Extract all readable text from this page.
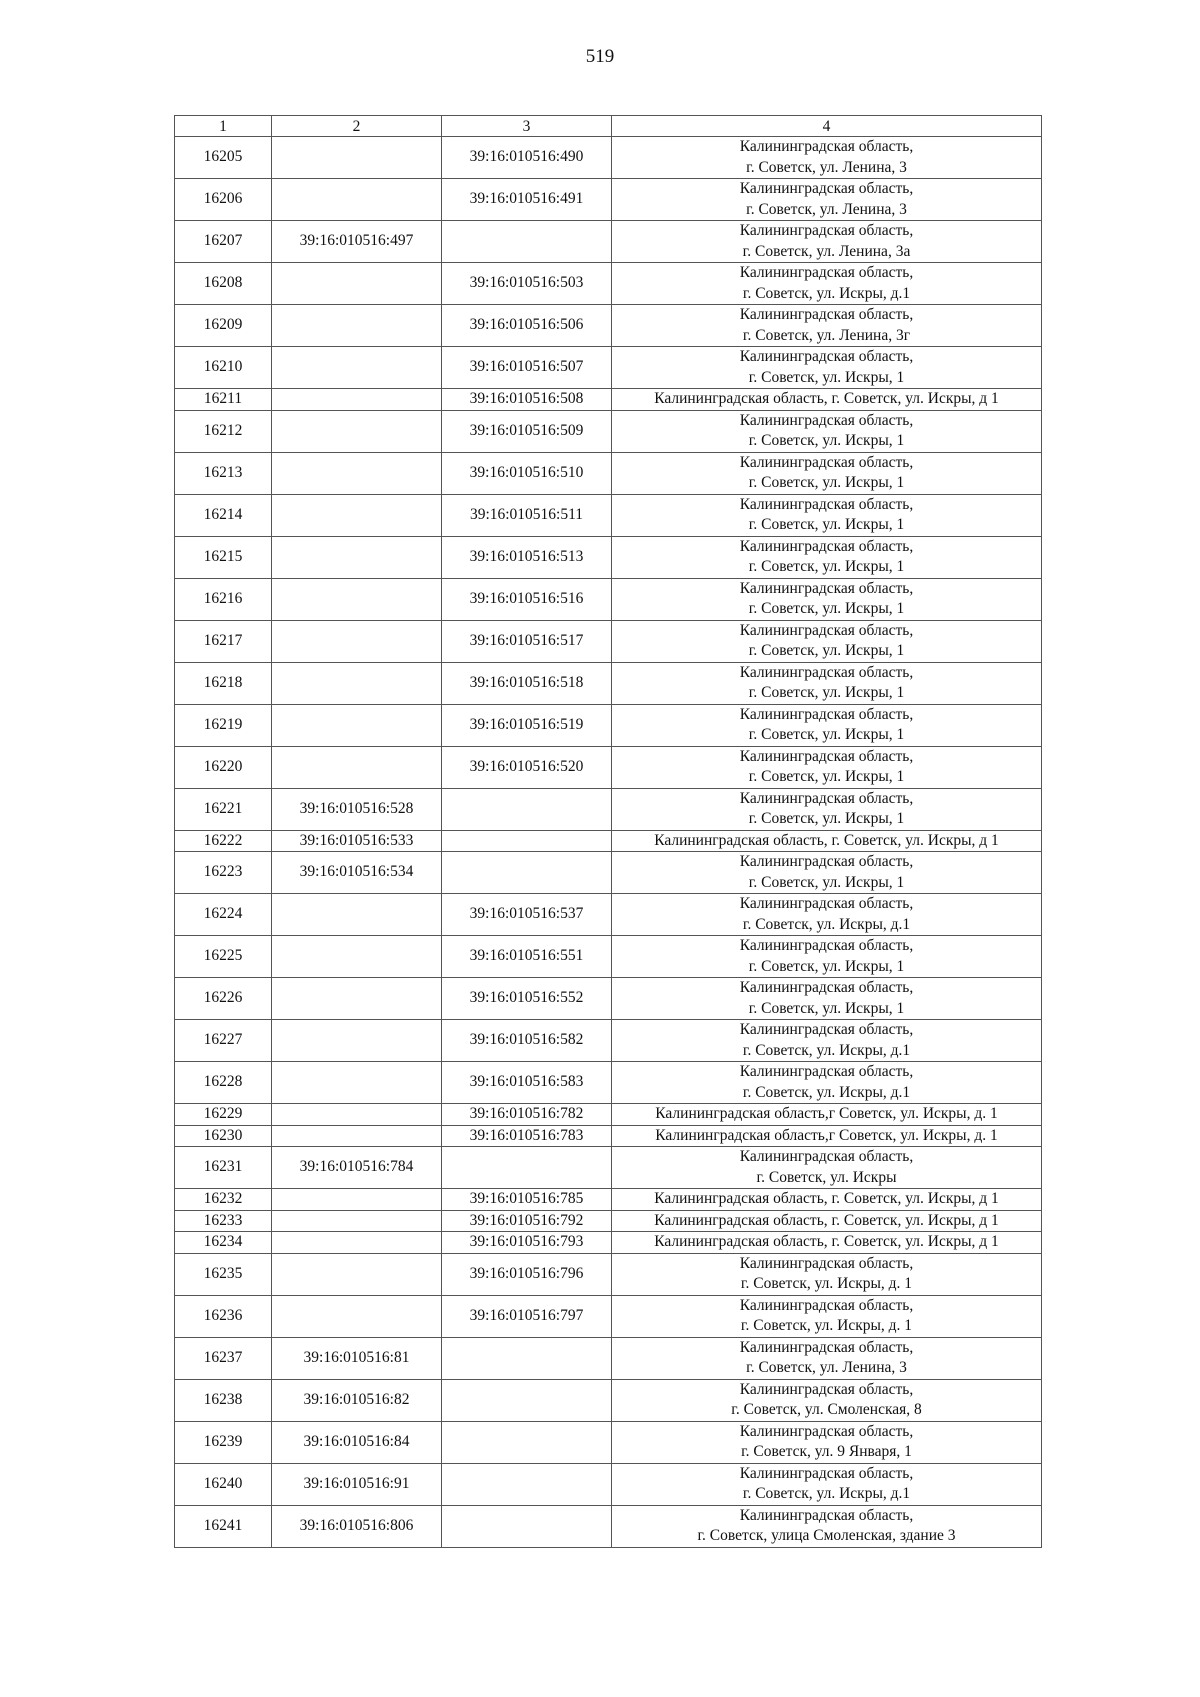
519
1	2	3	4
16205		39:16:010516:490	Калининградская область,
г. Советск, ул. Ленина, 3

16206		39:16:010516:491	Калининградская область,
г. Советск, ул. Ленина, 3

16207	39:16:010516:497		Калининградская область,
г. Советск, ул. Ленина, 3а

16208		39:16:010516:503	Калининградская область,
г. Советск, ул. Искры, д.1

16209		39:16:010516:506	Калининградская область,
г. Советск, ул. Ленина, 3г

16210		39:16:010516:507	Калининградская область,
г. Советск, ул. Искры, 1

16211		39:16:010516:508	Калининградская область, г. Советск, ул. Искры, д 1

16212		39:16:010516:509	Калининградская область,
г. Советск, ул. Искры, 1

16213		39:16:010516:510	Калининградская область,
г. Советск, ул. Искры, 1

16214		39:16:010516:511	Калининградская область,
г. Советск, ул. Искры, 1

16215		39:16:010516:513	Калининградская область,
г. Советск, ул. Искры, 1

16216		39:16:010516:516	Калининградская область,
г. Советск, ул. Искры, 1

16217		39:16:010516:517	Калининградская область,
г. Советск, ул. Искры, 1

16218		39:16:010516:518	Калининградская область,
г. Советск, ул. Искры, 1

16219		39:16:010516:519	Калининградская область,
г. Советск, ул. Искры, 1

16220		39:16:010516:520	Калининградская область,
г. Советск, ул. Искры, 1

16221	39:16:010516:528		Калининградская область,
г. Советск, ул. Искры, 1

16222	39:16:010516:533		Калининградская область, г. Советск, ул. Искры, д 1

16223	39:16:010516:534		Калининградская область,
г. Советск, ул. Искры, 1

16224		39:16:010516:537	Калининградская область,
г. Советск, ул. Искры, д.1

16225		39:16:010516:551	Калининградская область,
г. Советск, ул. Искры, 1

16226		39:16:010516:552	Калининградская область,
г. Советск, ул. Искры, 1

16227		39:16:010516:582	Калининградская область,
г. Советск, ул. Искры, д.1

16228		39:16:010516:583	Калининградская область,
г. Советск, ул. Искры, д.1

16229		39:16:010516:782	Калининградская область,г Советск, ул. Искры, д. 1

16230		39:16:010516:783	Калининградская область,г Советск, ул. Искры, д. 1

16231	39:16:010516:784		Калининградская область,
г. Советск, ул. Искры

16232		39:16:010516:785	Калининградская область, г. Советск, ул. Искры, д 1

16233		39:16:010516:792	Калининградская область, г. Советск, ул. Искры, д 1

16234		39:16:010516:793	Калининградская область, г. Советск, ул. Искры, д 1

16235		39:16:010516:796	Калининградская область,
г. Советск, ул. Искры, д. 1

16236		39:16:010516:797	Калининградская область,
г. Советск, ул. Искры, д. 1

16237	39:16:010516:81		Калининградская область,
г. Советск, ул. Ленина, 3

16238	39:16:010516:82		Калининградская область,
г. Советск, ул. Смоленская, 8

16239	39:16:010516:84		Калининградская область,
г. Советск, ул. 9 Января, 1

16240	39:16:010516:91		Калининградская область,
г. Советск, ул. Искры, д.1

16241	39:16:010516:806		Калининградская область,
г. Советск, улица Смоленская, здание 3
